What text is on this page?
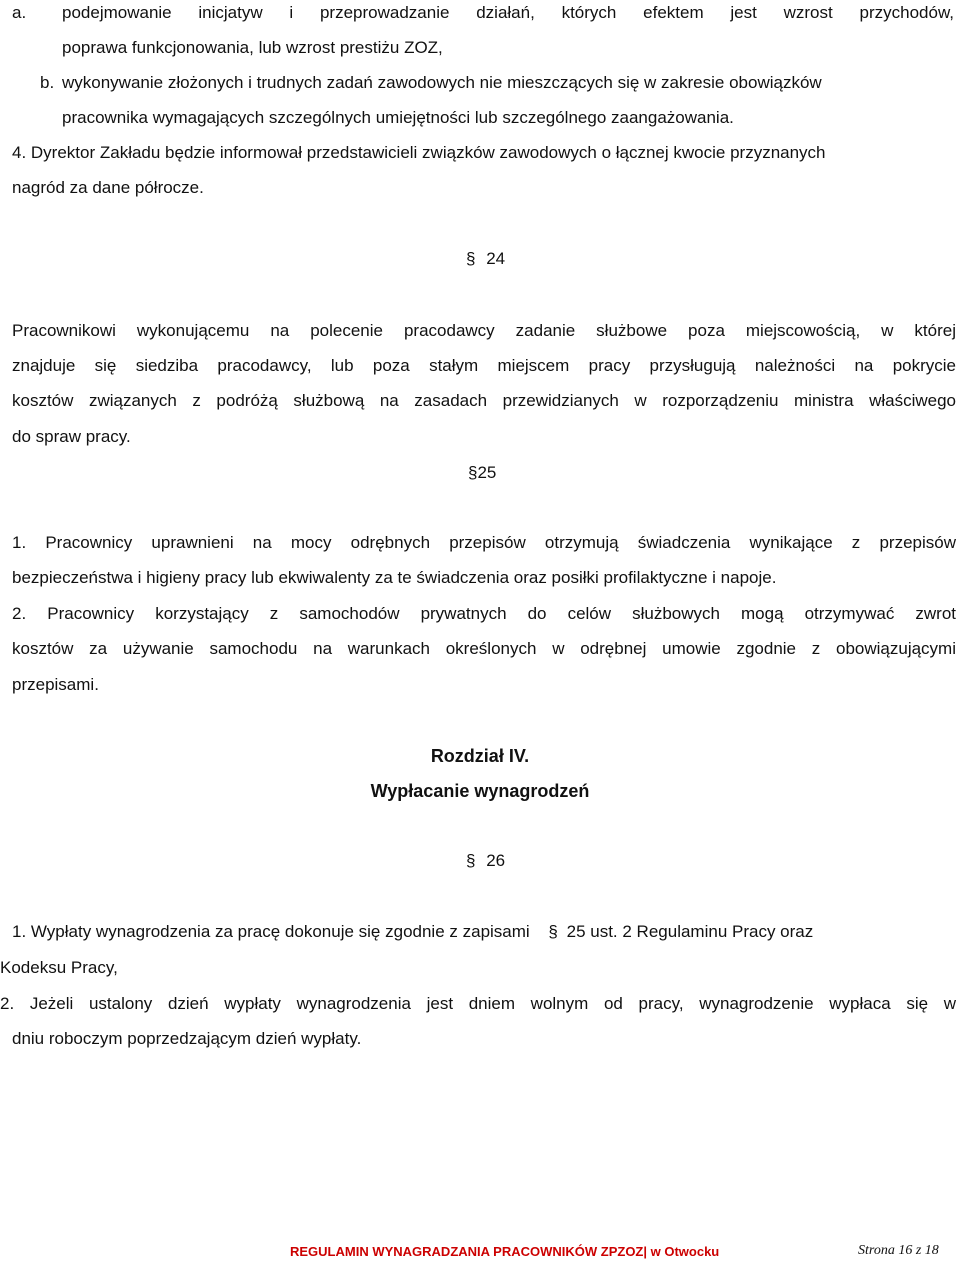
a. podejmowanie inicjatyw i przeprowadzanie działań, których efektem jest wzrost przychodów,
poprawa funkcjonowania, lub wzrost prestiżu ZOZ,
b. wykonywanie złożonych i trudnych zadań zawodowych nie mieszczących się w zakresie obowiązków
pracownika wymagających szczególnych umiejętności lub szczególnego zaangażowania.
4. Dyrektor Zakładu będzie informował przedstawicieli związków zawodowych o łącznej kwocie przyznanych
nagród za dane półrocze.
§ 24
Pracownikowi wykonującemu na polecenie pracodawcy zadanie służbowe poza miejscowością, w której
znajduje się siedziba pracodawcy, lub poza stałym miejscem pracy przysługują należności na pokrycie
kosztów związanych z podróżą służbową na zasadach przewidzianych w rozporządzeniu ministra właściwego
do spraw pracy.
§25
1. Pracownicy uprawnieni na mocy odrębnych przepisów otrzymują świadczenia wynikające z przepisów
bezpieczeństwa i higieny pracy lub ekwiwalenty za te świadczenia oraz posiłki profilaktyczne i napoje.
2. Pracownicy korzystający z samochodów prywatnych do celów służbowych mogą otrzymywać zwrot
kosztów za używanie samochodu na warunkach określonych w odrębnej umowie zgodnie z obowiązującymi
przepisami.
Rozdział IV.
Wypłacanie wynagrodzeń
§ 26
1. Wypłaty wynagrodzenia za pracę dokonuje się zgodnie z zapisami § 25 ust. 2 Regulaminu Pracy oraz
Kodeksu Pracy,
2. Jeżeli ustalony dzień wypłaty wynagrodzenia jest dniem wolnym od pracy, wynagrodzenie wypłaca się w
dniu roboczym poprzedzającym dzień wypłaty.
REGULAMIN WYNAGRADZANIA PRACOWNIKÓW ZPZOZ| w Otwocku	Strona 16 z 18
